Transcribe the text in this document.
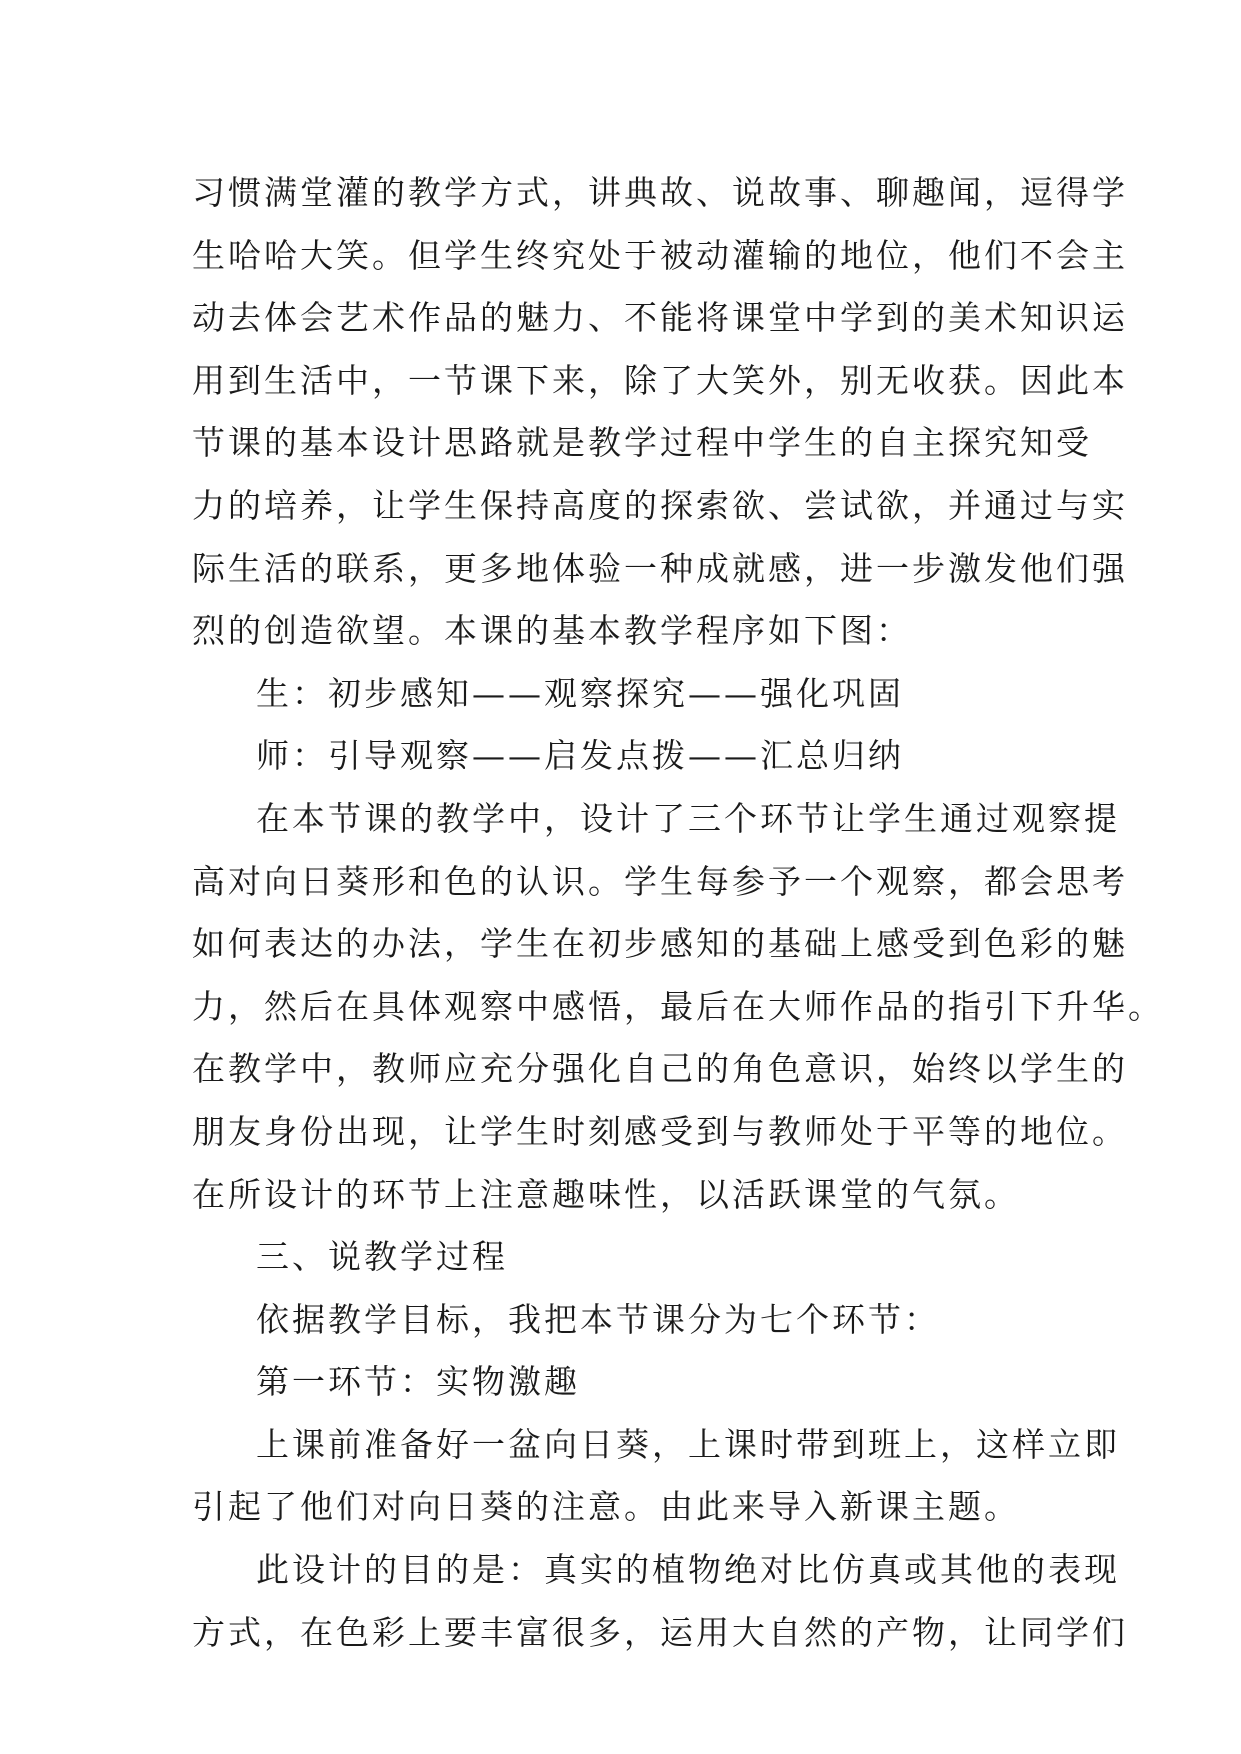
习惯满堂灌的教学方式，讲典故、说故事、聊趣闻，逗得学
生哈哈大笑。但学生终究处于被动灌输的地位，他们不会主
动去体会艺术作品的魅力、不能将课堂中学到的美术知识运
用到生活中，一节课下来，除了大笑外，别无收获。因此本
节课的基本设计思路就是教学过程中学生的自主探究知受
力的培养，让学生保持高度的探索欲、尝试欲，并通过与实
际生活的联系，更多地体验一种成就感，进一步激发他们强
烈的创造欲望。本课的基本教学程序如下图：
生：初步感知——观察探究——强化巩固
师：引导观察——启发点拨——汇总归纳
在本节课的教学中，设计了三个环节让学生通过观察提
高对向日葵形和色的认识。学生每参予一个观察，都会思考
如何表达的办法，学生在初步感知的基础上感受到色彩的魅
力，然后在具体观察中感悟，最后在大师作品的指引下升华。
在教学中，教师应充分强化自己的角色意识，始终以学生的
朋友身份出现，让学生时刻感受到与教师处于平等的地位。
在所设计的环节上注意趣味性，以活跃课堂的气氛。
三、说教学过程
依据教学目标，我把本节课分为七个环节：
第一环节：实物激趣
上课前准备好一盆向日葵，上课时带到班上，这样立即
引起了他们对向日葵的注意。由此来导入新课主题。
此设计的目的是：真实的植物绝对比仿真或其他的表现
方式，在色彩上要丰富很多，运用大自然的产物，让同学们
